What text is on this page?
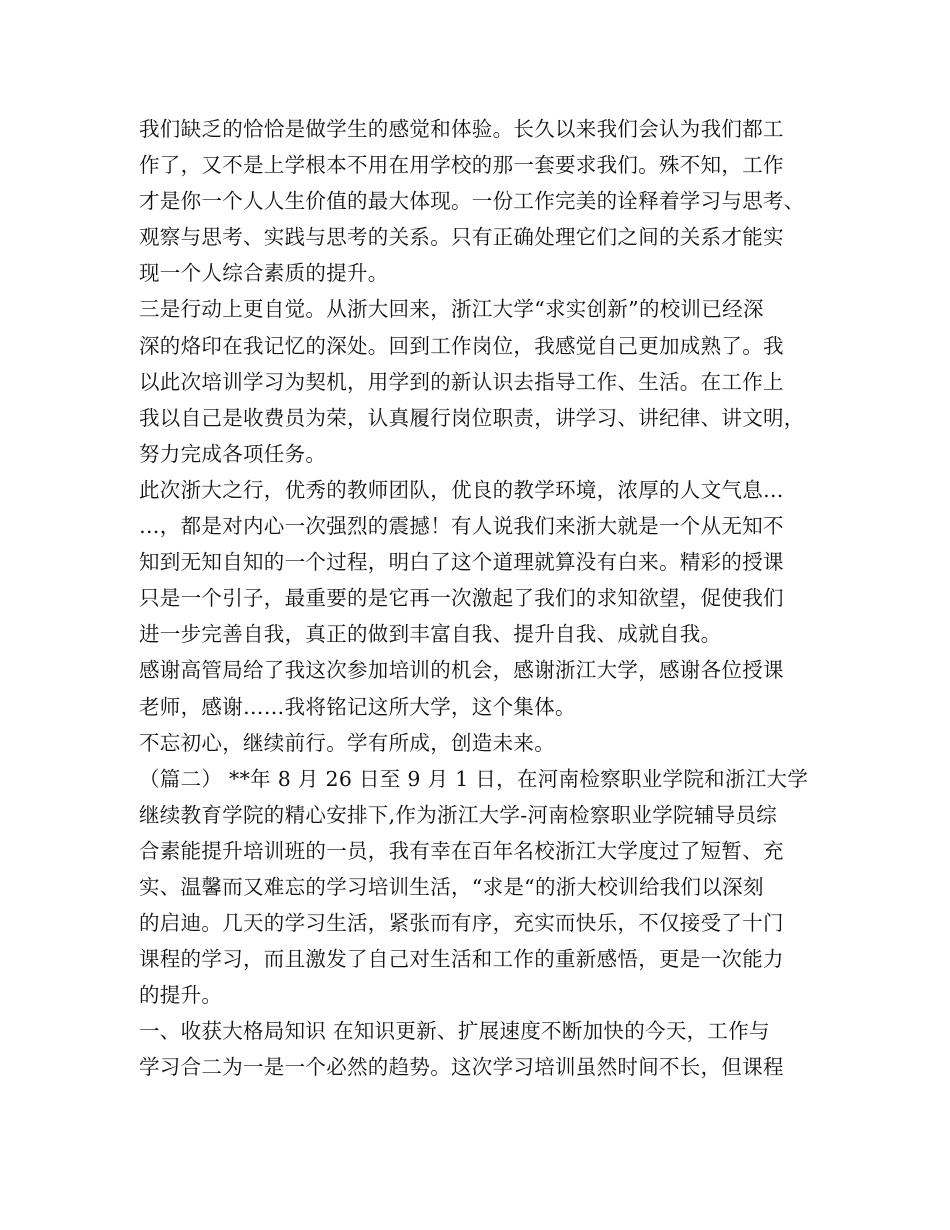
我们缺乏的恰恰是做学生的感觉和体验。长久以来我们会认为我们都工
作了，又不是上学根本不用在用学校的那一套要求我们。殊不知，工作
才是你一个人人生价值的最大体现。一份工作完美的诠释着学习与思考、
观察与思考、实践与思考的关系。只有正确处理它们之间的关系才能实
现一个人综合素质的提升。
三是行动上更自觉。从浙大回来，浙江大学“求实创新”的校训已经深
深的烙印在我记忆的深处。回到工作岗位，我感觉自己更加成熟了。我
以此次培训学习为契机，用学到的新认识去指导工作、生活。在工作上
我以自己是收费员为荣，认真履行岗位职责，讲学习、讲纪律、讲文明，
努力完成各项任务。
此次浙大之行，优秀的教师团队，优良的教学环境，浓厚的人文气息…
…，都是对内心一次强烈的震撼！有人说我们来浙大就是一个从无知不
知到无知自知的一个过程，明白了这个道理就算没有白来。精彩的授课
只是一个引子，最重要的是它再一次激起了我们的求知欲望，促使我们
进一步完善自我，真正的做到丰富自我、提升自我、成就自我。
感谢高管局给了我这次参加培训的机会，感谢浙江大学，感谢各位授课
老师，感谢……我将铭记这所大学，这个集体。
不忘初心，继续前行。学有所成，创造未来。
（篇二） **年 8 月 26 日至 9 月 1 日，在河南检察职业学院和浙江大学
继续教育学院的精心安排下,作为浙江大学-河南检察职业学院辅导员综
合素能提升培训班的一员，我有幸在百年名校浙江大学度过了短暂、充
实、温馨而又难忘的学习培训生活，“求是“的浙大校训给我们以深刻
的启迪。几天的学习生活，紧张而有序，充实而快乐，不仅接受了十门
课程的学习，而且激发了自己对生活和工作的重新感悟，更是一次能力
的提升。
一、收获大格局知识 在知识更新、扩展速度不断加快的今天，工作与
学习合二为一是一个必然的趋势。这次学习培训虽然时间不长，但课程
